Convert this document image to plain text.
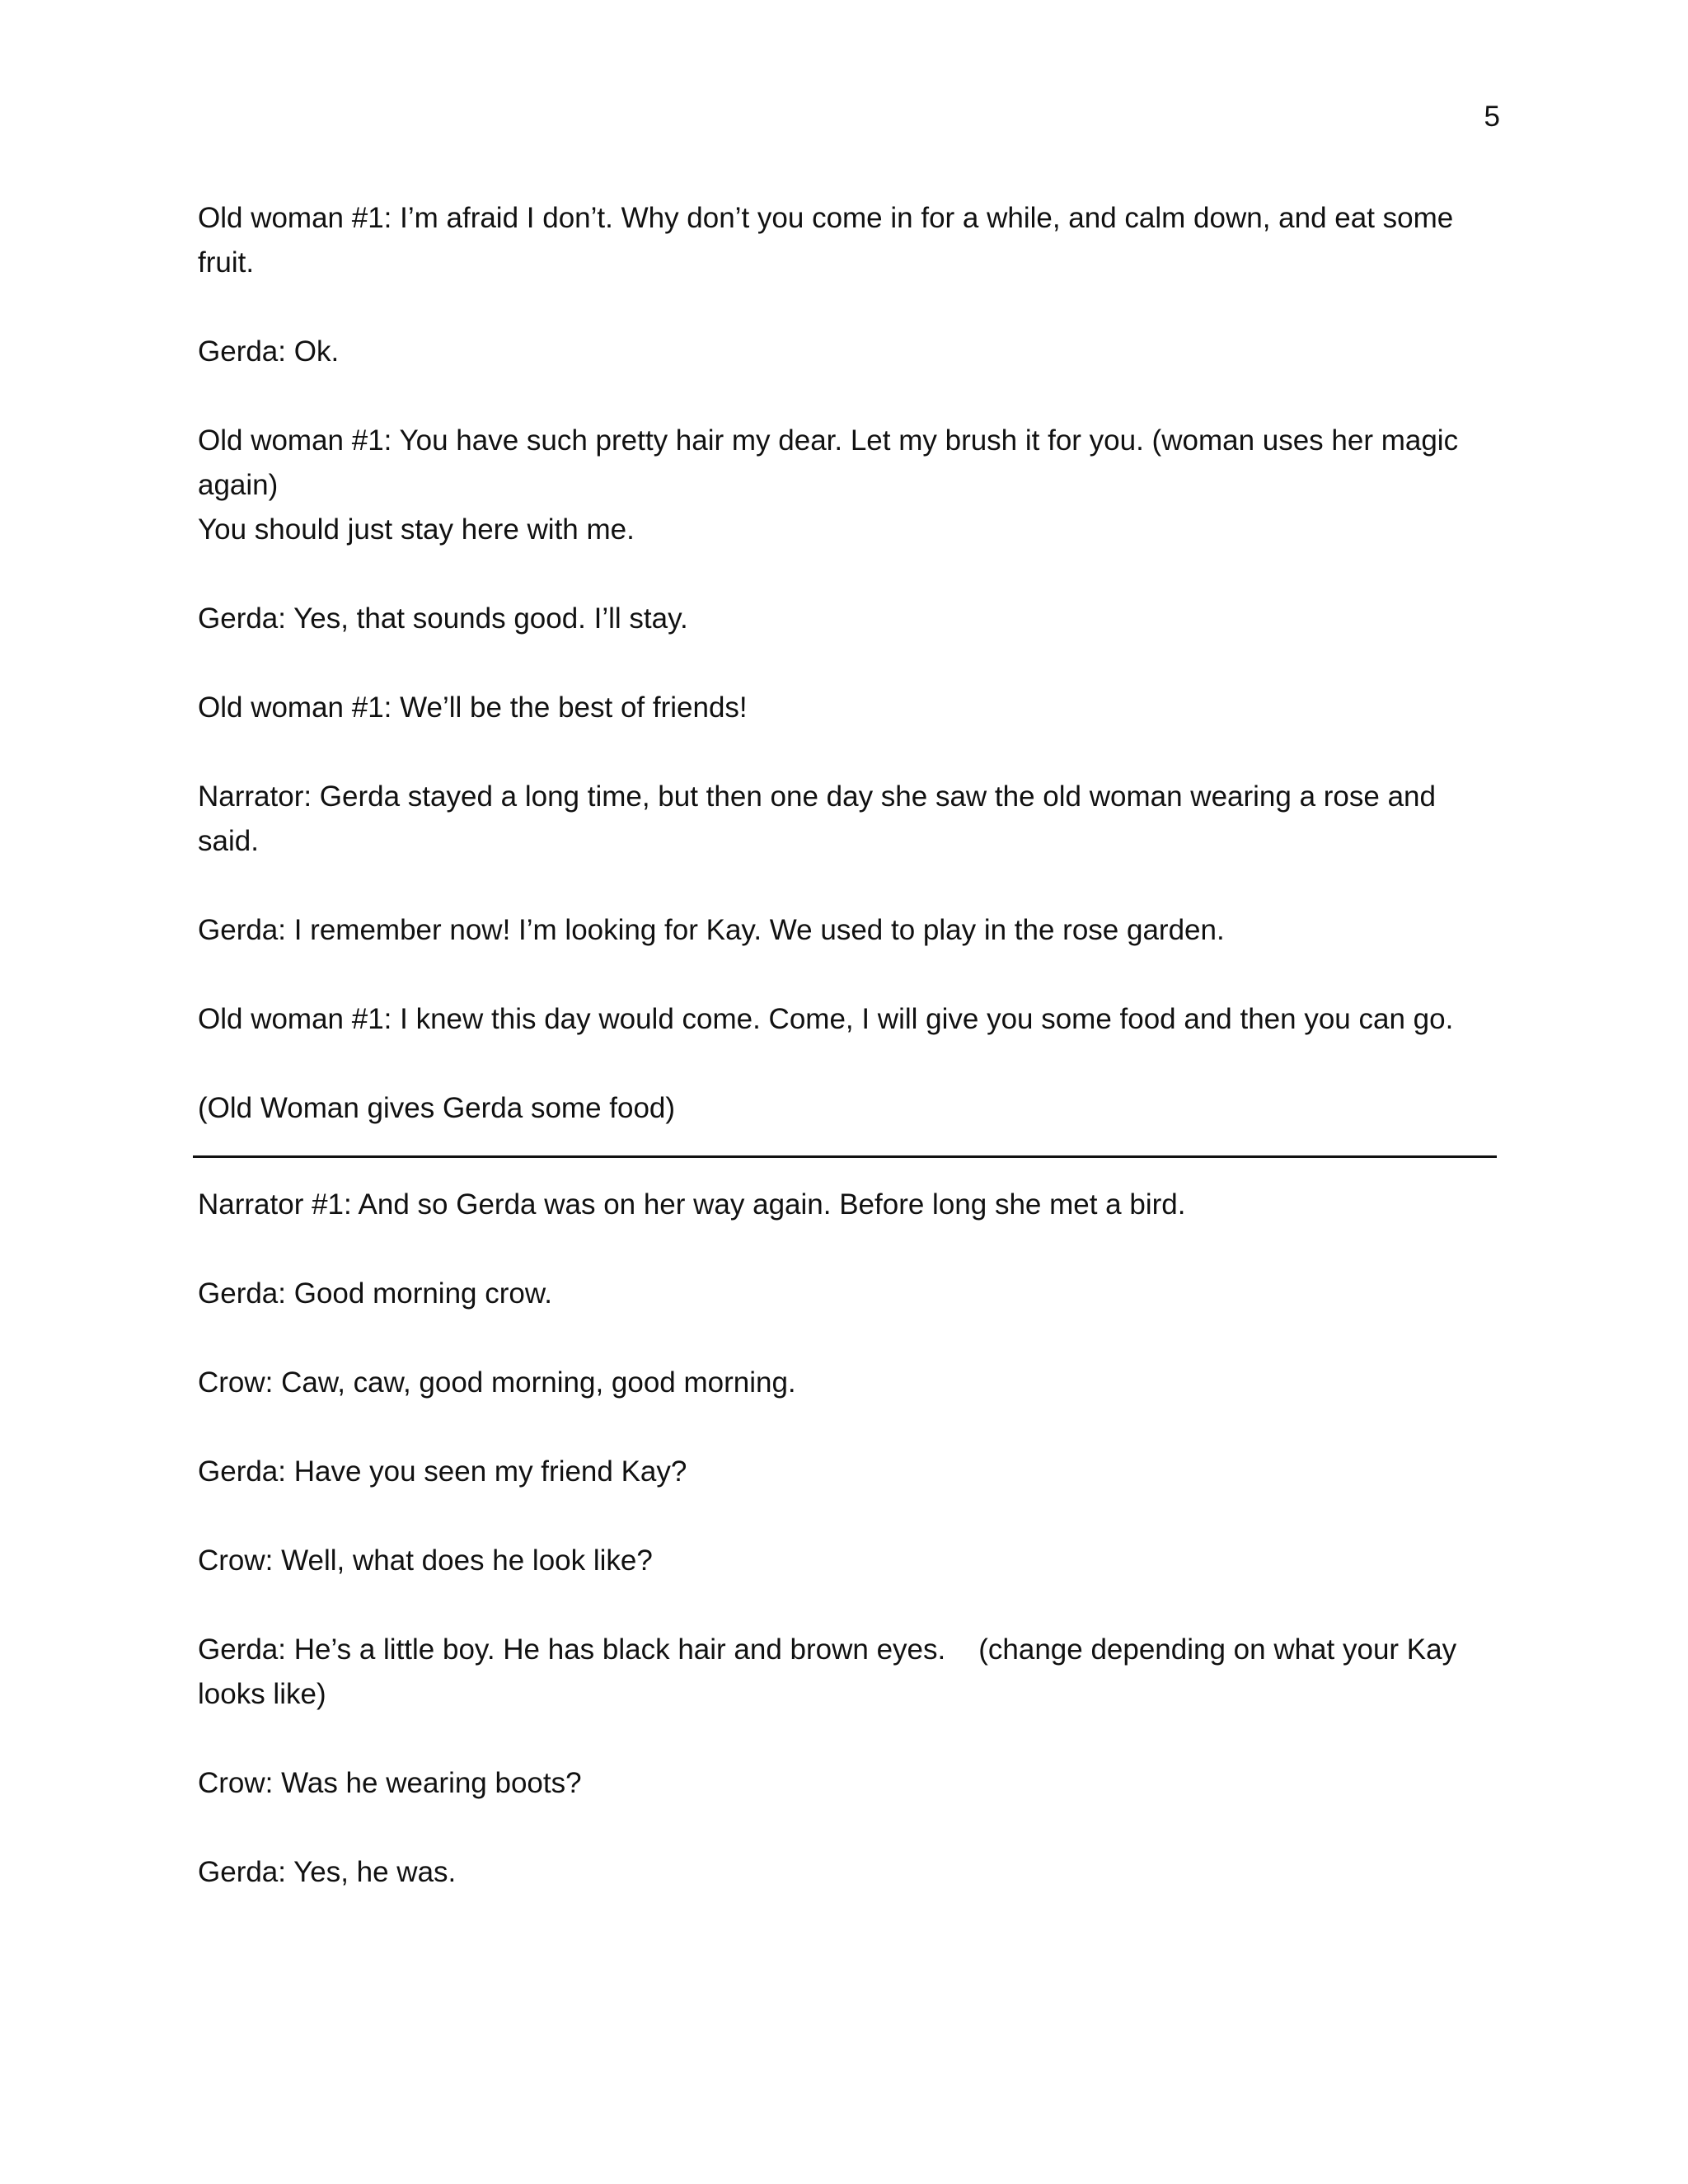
5

Old woman #1: I’m afraid I don’t. Why don’t you come in for a while, and calm down, and eat some
fruit.

Gerda: Ok.

Old woman #1: You have such pretty hair my dear. Let my brush it for you. (woman uses her magic
again)
You should just stay here with me.

Gerda: Yes, that sounds good. I’ll stay.

Old woman #1: We’ll be the best of friends!

Narrator: Gerda stayed a long time, but then one day she saw the old woman wearing a rose and
said.

Gerda: I remember now! I’m looking for Kay. We used to play in the rose garden.

Old woman #1: I knew this day would come. Come, I will give you some food and then you can go.

(Old Woman gives Gerda some food)

Narrator #1: And so Gerda was on her way again. Before long she met a bird.

Gerda: Good morning crow.

Crow: Caw, caw, good morning, good morning.

Gerda: Have you seen my friend Kay?

Crow: Well, what does he look like?

Gerda: He’s a little boy. He has black hair and brown eyes. (change depending on what your Kay
looks like)

Crow: Was he wearing boots?

Gerda: Yes, he was.
